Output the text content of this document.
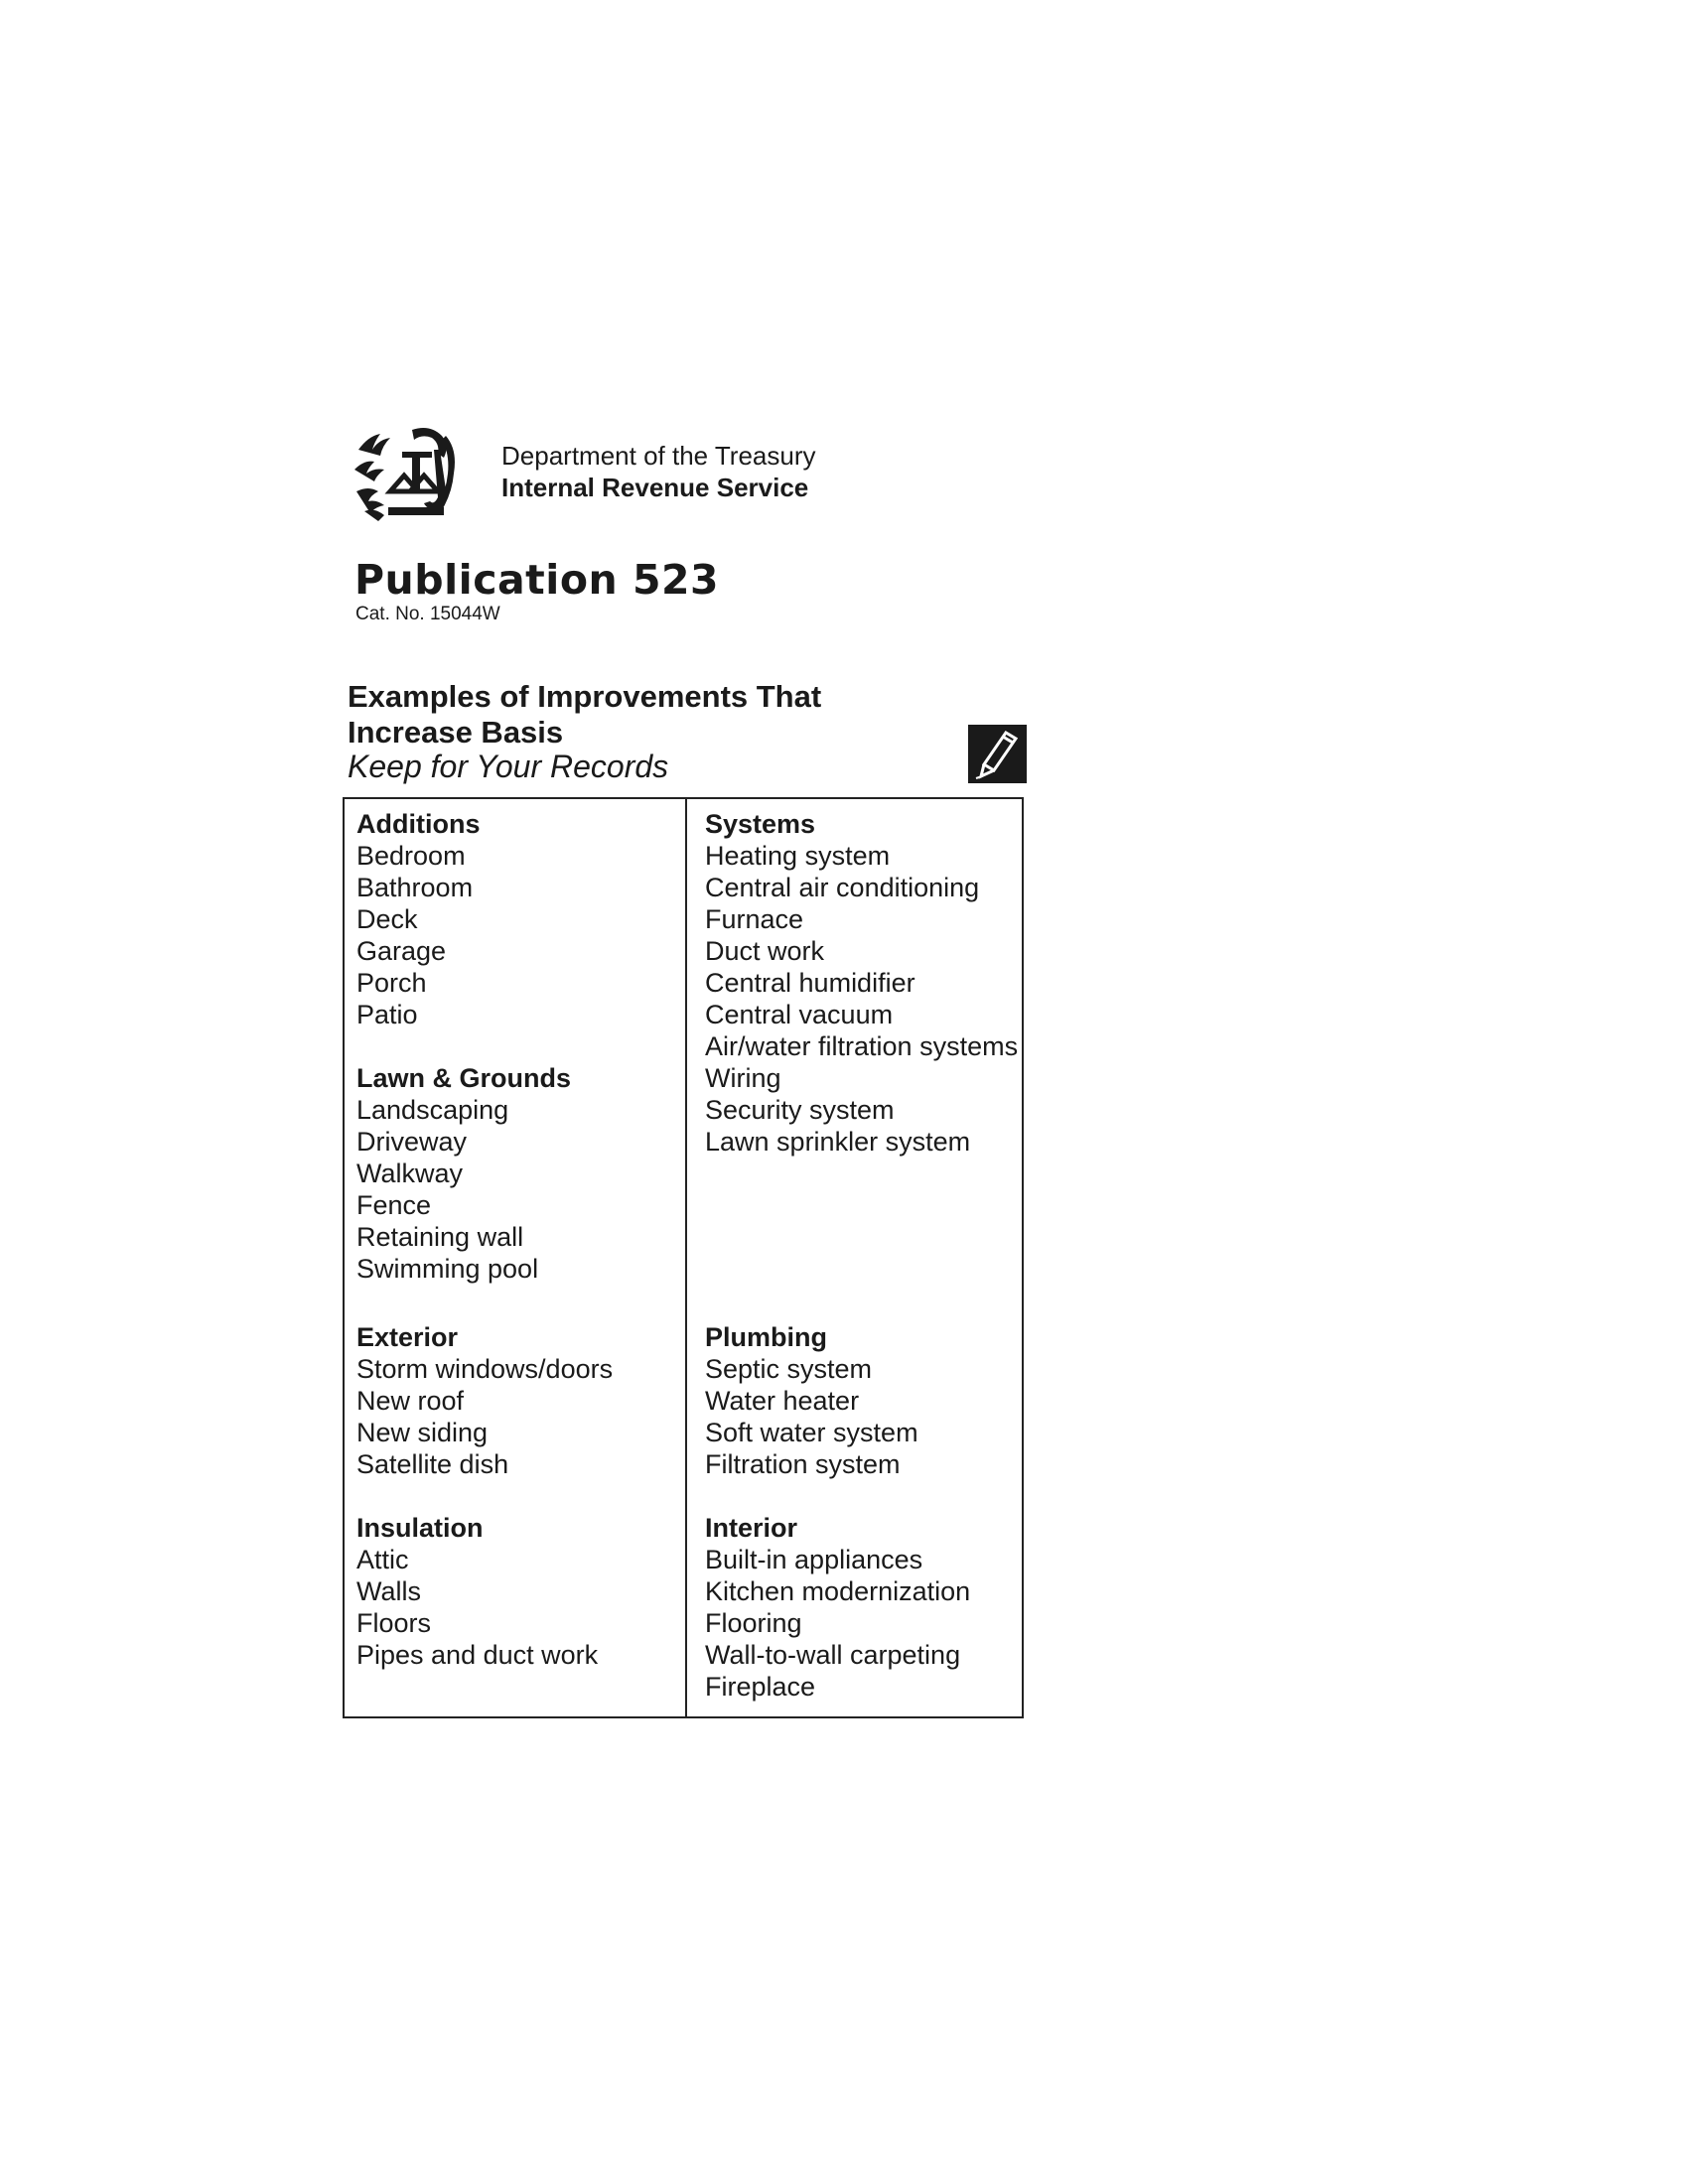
Department of the Treasury
Internal Revenue Service
Publication 523
Cat. No. 15044W
Examples of Improvements That
Increase Basis
Keep for Your Records
Additions
Bedroom
Bathroom
Deck
Garage
Porch
Patio
Lawn & Grounds
Landscaping
Driveway
Walkway
Fence
Retaining wall
Swimming pool
Exterior
Storm windows/doors
New roof
New siding
Satellite dish
Insulation
Attic
Walls
Floors
Pipes and duct work
Systems
Heating system
Central air conditioning
Furnace
Duct work
Central humidifier
Central vacuum
Air/water filtration systems
Wiring
Security system
Lawn sprinkler system
Plumbing
Septic system
Water heater
Soft water system
Filtration system
Interior
Built-in appliances
Kitchen modernization
Flooring
Wall-to-wall carpeting
Fireplace
